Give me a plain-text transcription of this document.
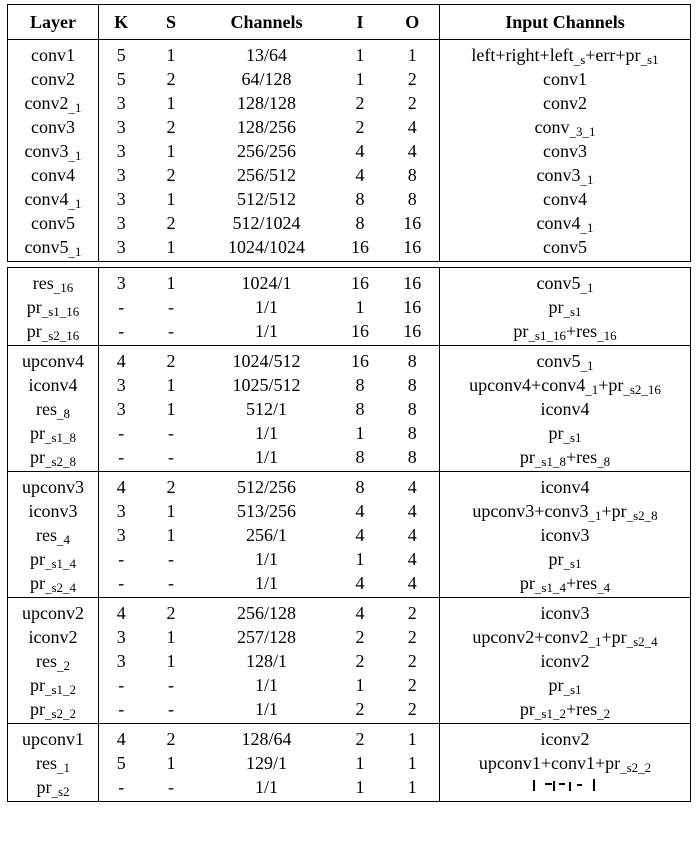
Layer	K	S	Channels	I	O	Input Channels
conv1	5	1	13/64	1	1	$left+right+left_{\_s}+err+pr_{\_s1}$
conv2	5	2	64/128	1	2	conv1
$conv2_{\_1}$	3	1	128/128	2	2	conv2
conv3	3	2	128/256	2	4	conv$_{\_3\_1}$
$conv3_{\_1}$	3	1	256/256	4	4	conv3
conv4	3	2	256/512	4	8	$conv3_{\_1}$
$conv4_{\_1}$	3	1	512/512	8	8	conv4
conv5	3	2	512/1024	8	16	$conv4_{\_1}$
$conv5_{\_1}$	3	1	1024/1024	16	16	conv5

res$_{\_16}$	3	1	1024/1	16	16	$conv5_{\_1}$
$pr_{\_s1\_16}$	-	-	1/1	1	16	$pr_{\_s1}$
$pr_{\_s2\_16}$	-	-	1/1	16	16	$pr_{\_s1\_16}+res_{\_16}$
upconv4	4	2	1024/512	16	8	$conv5_{\_1}$
iconv4	3	1	1025/512	8	8	$upconv4+conv4_{\_1}+pr_{\_s2\_16}$
res$_{\_8}$	3	1	512/1	8	8	iconv4
$pr_{\_s1\_8}$	-	-	1/1	1	8	$pr_{\_s1}$
$pr_{\_s2\_8}$	-	-	1/1	8	8	$pr_{\_s1\_8}+res_{\_8}$
upconv3	4	2	512/256	8	4	iconv4
iconv3	3	1	513/256	4	4	$upconv3+conv3_{\_1}+pr_{\_s2\_8}$
res$_{\_4}$	3	1	256/1	4	4	iconv3
$pr_{\_s1\_4}$	-	-	1/1	1	4	$pr_{\_s1}$
$pr_{\_s2\_4}$	-	-	1/1	4	4	$pr_{\_s1\_4}+res_{\_4}$
upconv2	4	2	256/128	4	2	iconv3
iconv2	3	1	257/128	2	2	$upconv2+conv2_{\_1}+pr_{\_s2\_4}$
res$_{\_2}$	3	1	128/1	2	2	iconv2
$pr_{\_s1\_2}$	-	-	1/1	1	2	$pr_{\_s1}$
$pr_{\_s2\_2}$	-	-	1/1	2	2	$pr_{\_s1\_2}+res_{\_2}$
upconv1	4	2	128/64	2	1	iconv2
res$_{\_1}$	5	1	129/1	1	1	$upconv1+conv1+pr_{\_s2\_2}$
$pr_{\_s2}$	-	-	1/1	1	1	
